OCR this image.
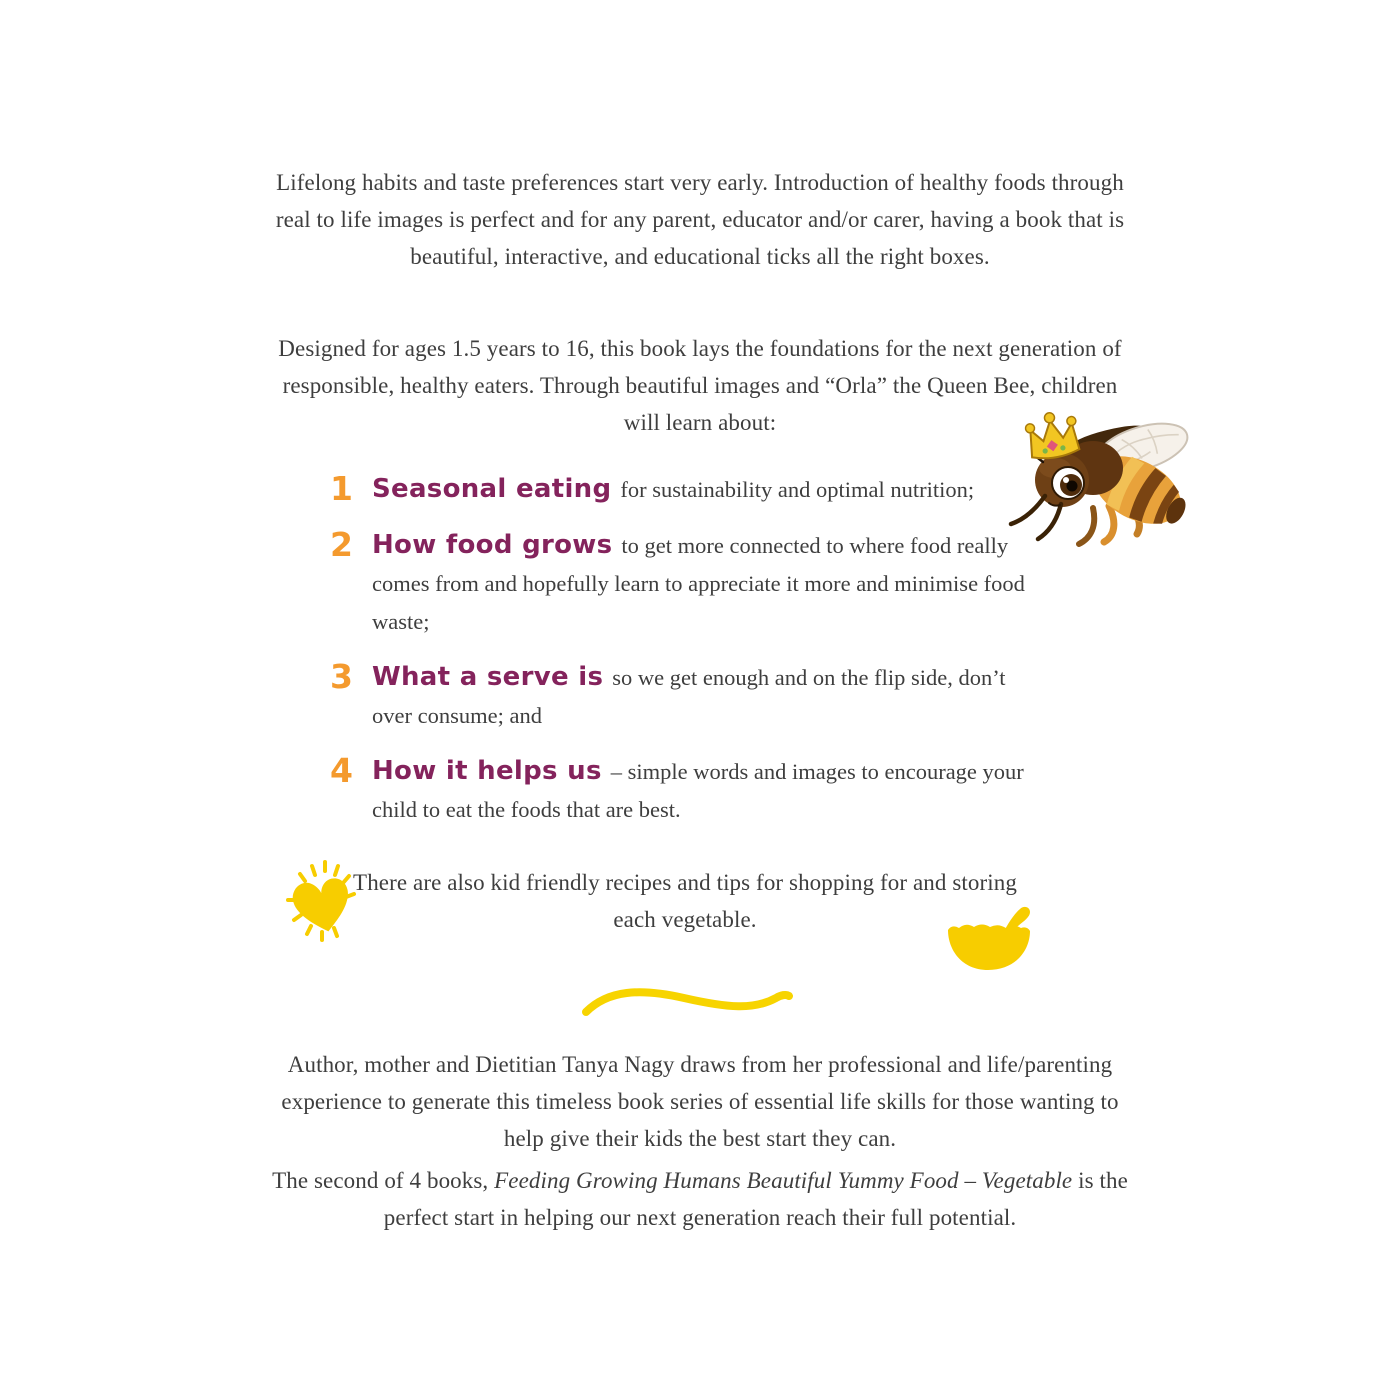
Lifelong habits and taste preferences start very early. Introduction of healthy foods through real to life images is perfect and for any parent, educator and/or carer, having a book that is beautiful, interactive, and educational ticks all the right boxes.

Designed for ages 1.5 years to 16, this book lays the foundations for the next generation of responsible, healthy eaters. Through beautiful images and “Orla” the Queen Bee, children will learn about:

1 Seasonal eating for sustainability and optimal nutrition;

2 How food grows to get more connected to where food really comes from and hopefully learn to appreciate it more and minimise food waste;

3 What a serve is so we get enough and on the flip side, don’t over consume; and

4 How it helps us – simple words and images to encourage your child to eat the foods that are best.

There are also kid friendly recipes and tips for shopping for and storing each vegetable.

Author, mother and Dietitian Tanya Nagy draws from her professional and life/parenting experience to generate this timeless book series of essential life skills for those wanting to help give their kids the best start they can.

The second of 4 books, Feeding Growing Humans Beautiful Yummy Food – Vegetable is the perfect start in helping our next generation reach their full potential.
